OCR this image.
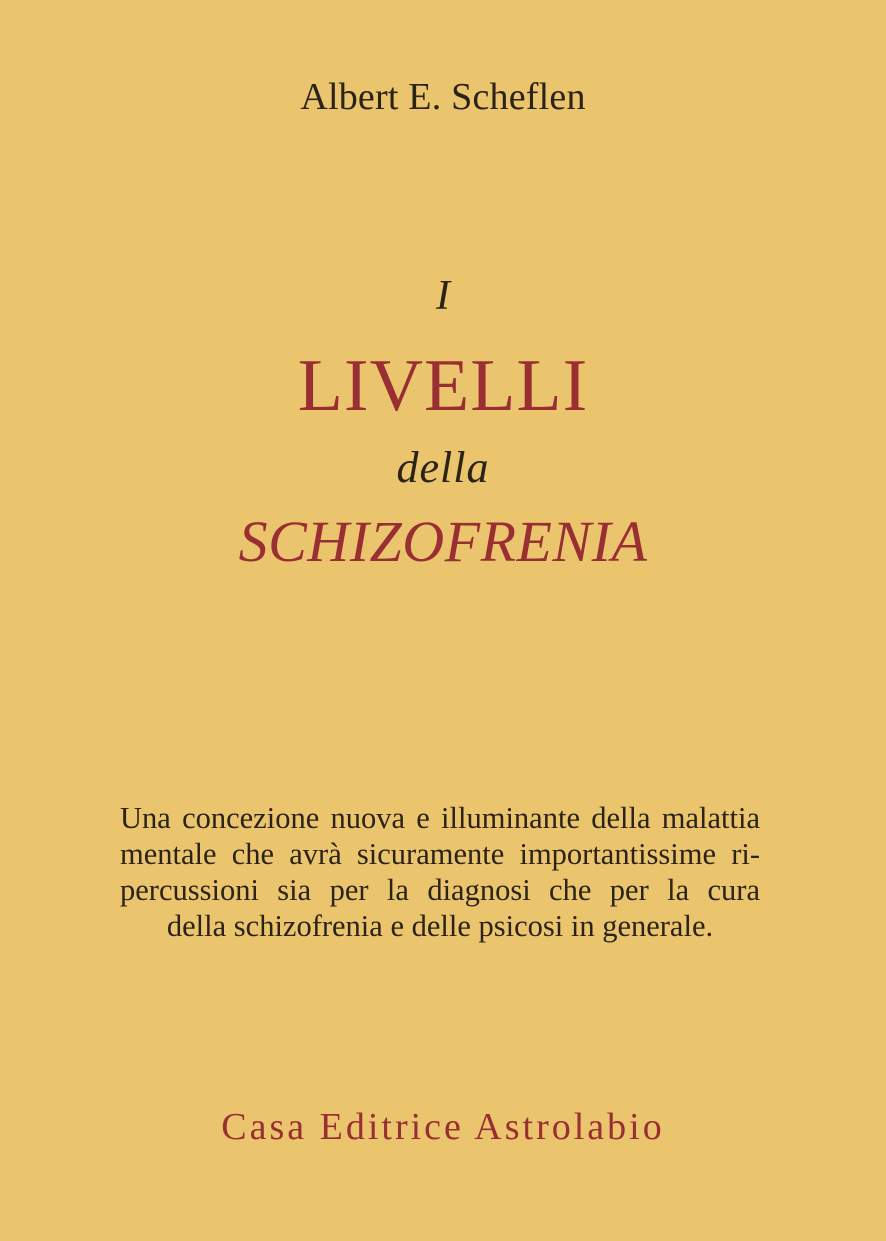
Albert E. Scheflen
I
LIVELLI
della
SCHIZOFRENIA
Una concezione nuova e illuminante della malattia
mentale che avrà sicuramente importantissime ri-
percussioni sia per la diagnosi che per la cura
della schizofrenia e delle psicosi in generale.
Casa Editrice Astrolabio
